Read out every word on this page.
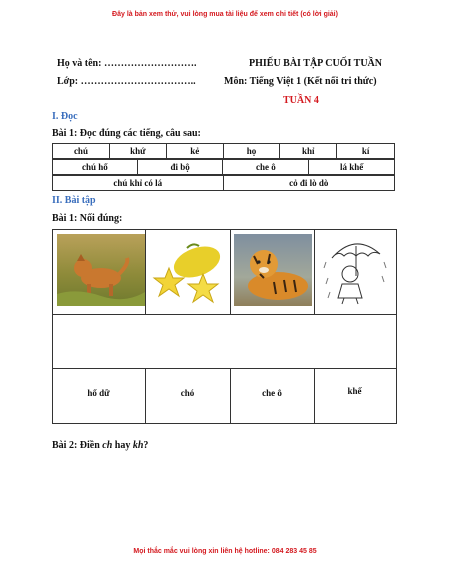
Đây là bản xem thử, vui lòng mua tài liệu để xem chi tiết (có lời giải)
Họ và tên: ……………………….
Lớp: ……………………………..
PHIẾU BÀI TẬP CUỐI TUẦN
Môn: Tiếng Việt 1 (Kết nối tri thức)
TUẦN 4
I. Đọc
Bài 1: Đọc đúng các tiếng, câu sau:
chú	khứ	kẻ	họ	khỉ	kí
chú hổ	đi bộ	che ô	lá khế
chú khỉ có lá	cỏ đi lò dò
II. Bài tập
Bài 1: Nối đúng:
hổ dữ	chó	che ô	khế
Bài 2: Điền ch hay kh?
Mọi thắc mắc vui lòng xin liên hệ hotline: 084 283 45 85
